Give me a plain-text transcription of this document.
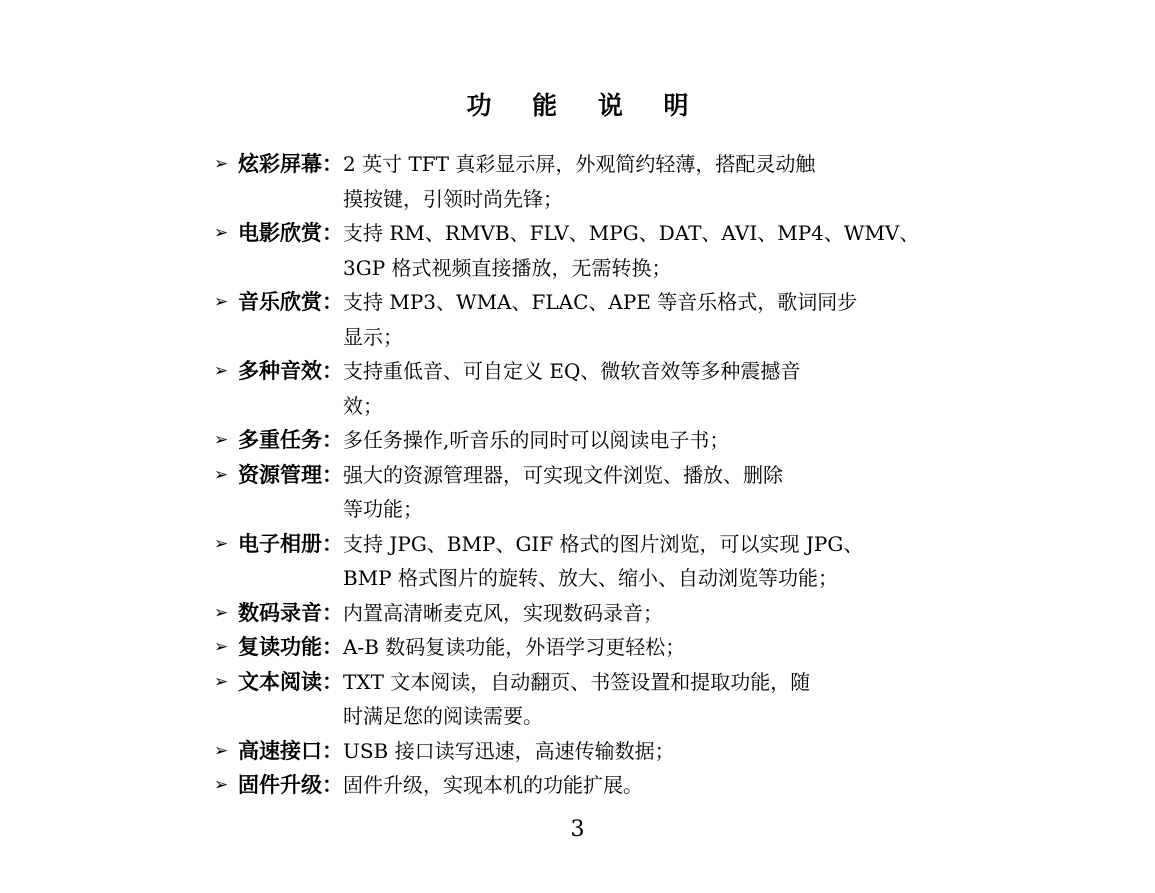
功 能 说 明
➢ 炫彩屏幕： 2 英寸 TFT 真彩显示屏，外观简约轻薄，搭配灵动触
摸按键，引领时尚先锋；
➢ 电影欣赏： 支持 RM、RMVB、FLV、MPG、DAT、AVI、MP4、WMV、
3GP 格式视频直接播放，无需转换；
➢ 音乐欣赏： 支持 MP3、WMA、FLAC、APE 等音乐格式，歌词同步
显示；
➢ 多种音效： 支持重低音、可自定义 EQ、微软音效等多种震撼音
效；
➢ 多重任务： 多任务操作,听音乐的同时可以阅读电子书；
➢ 资源管理： 强大的资源管理器，可实现文件浏览、播放、删除
等功能；
➢ 电子相册： 支持 JPG、BMP、GIF 格式的图片浏览，可以实现 JPG、
BMP 格式图片的旋转、放大、缩小、自动浏览等功能；
➢ 数码录音： 内置高清晰麦克风，实现数码录音；
➢ 复读功能： A-B 数码复读功能，外语学习更轻松；
➢ 文本阅读： TXT 文本阅读，自动翻页、书签设置和提取功能，随
时满足您的阅读需要。
➢ 高速接口： USB 接口读写迅速，高速传输数据；
➢ 固件升级： 固件升级，实现本机的功能扩展。
3
